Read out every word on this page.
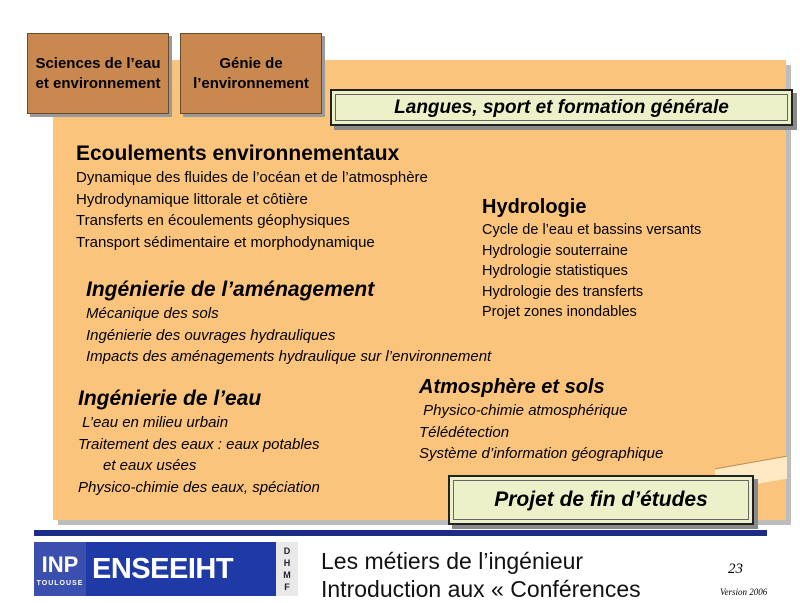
Sciences de l’eau et environnement
Génie de l’environnement
Langues, sport et formation générale
Ecoulements environnementaux
Dynamique des fluides de l’océan et de l’atmosphère
Hydrodynamique littorale et côtière
Transferts en écoulements géophysiques
Transport sédimentaire et morphodynamique
Hydrologie
Cycle de l’eau et bassins versants
Hydrologie souterraine
Hydrologie statistiques
Hydrologie des transferts
Projet zones inondables
Ingénierie de l’aménagement
Mécanique des sols
Ingénierie des ouvrages hydrauliques
Impacts des aménagements hydraulique sur l’environnement
Ingénierie de l’eau
L’eau en milieu urbain
Traitement des eaux : eaux potables
et eaux usées
Physico-chimie des eaux, spéciation
Atmosphère et sols
Physico-chimie atmosphérique
Télédétection
Système d’information géographique
Projet de fin d’études
INP
TOULOUSE ENSEEIHT
D
H
M
F
Les métiers de l’ingénieur
Introduction aux « Conférences
23
Version 2006
